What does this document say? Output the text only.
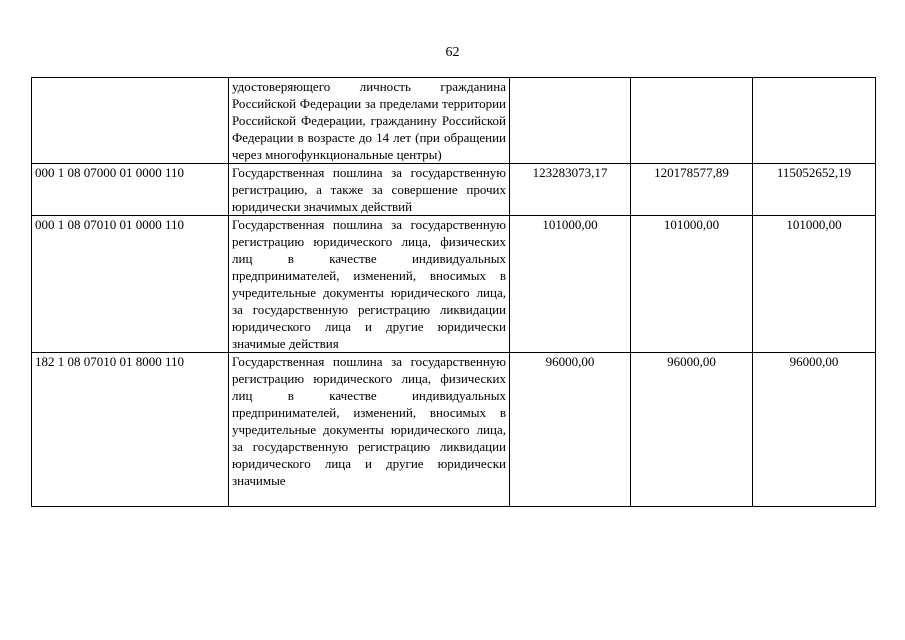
62
	удостоверяющего личность гражданина Российской Федерации за пределами территории Российской Федерации, гражданину Российской Федерации в возрасте до 14 лет (при обращении через многофункциональные центры)			
000 1 08 07000 01 0000 110	Государственная пошлина за государственную регистрацию, а также за совершение прочих юридически значимых действий	123283073,17	120178577,89	115052652,19
000 1 08 07010 01 0000 110	Государственная пошлина за государственную регистрацию юридического лица, физических лиц в качестве индивидуальных предпринимателей, изменений, вносимых в учредительные документы юридического лица, за государственную регистрацию ликвидации юридического лица и другие юридически значимые действия	101000,00	101000,00	101000,00
182 1 08 07010 01 8000 110	Государственная пошлина за государственную регистрацию юридического лица, физических лиц в качестве индивидуальных предпринимателей, изменений, вносимых в учредительные документы юридического лица, за государственную регистрацию ликвидации юридического лица и другие юридически значимые	96000,00	96000,00	96000,00
